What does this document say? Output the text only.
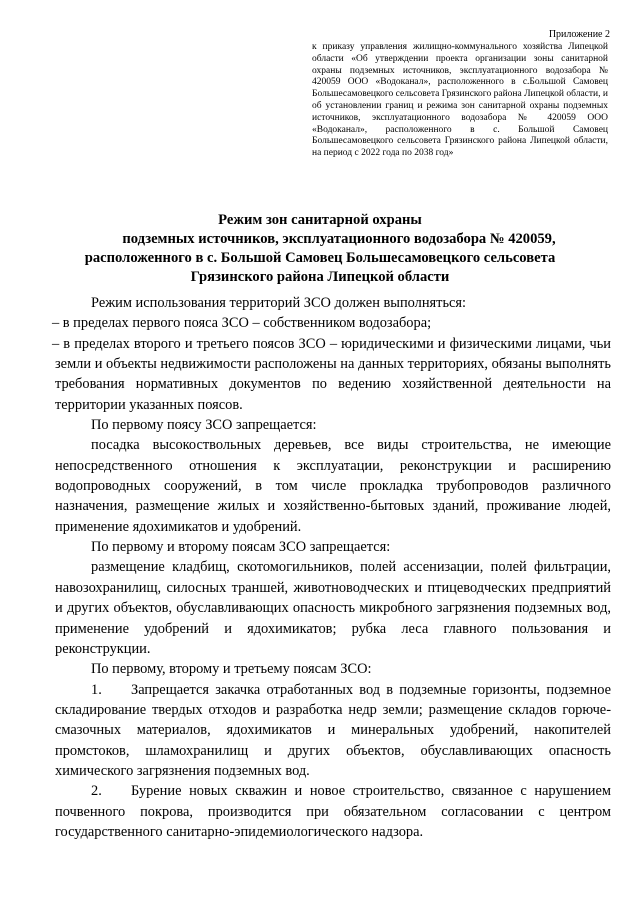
Приложение 2
к приказу управления жилищно-коммунального хозяйства Липецкой области «Об утверждении проекта организации зоны санитарной охраны подземных источников, эксплуатационного водозабора № 420059 ООО «Водоканал», расположенного в с.Большой Самовец Большесамовецкого сельсовета Грязинского района Липецкой области, и об установлении границ и режима зон санитарной охраны подземных источников, эксплуатационного водозабора № 420059 ООО «Водоканал», расположенного в с. Большой Самовец Большесамовецкого сельсовета Грязинского района Липецкой области, на период с 2022 года по 2038 год»
Режим зон санитарной охраны
подземных источников, эксплуатационного водозабора № 420059,
расположенного в с. Большой Самовец Большесамовецкого сельсовета
Грязинского района Липецкой области

Режим использования территорий ЗСО должен выполняться:

– в пределах первого пояса ЗСО – собственником водозабора;

– в пределах второго и третьего поясов ЗСО – юридическими и физическими лицами, чьи земли и объекты недвижимости расположены на данных территориях, обязаны выполнять требования нормативных документов по ведению хозяйственной деятельности на территории указанных поясов.

По первому поясу ЗСО запрещается:

посадка высокоствольных деревьев, все виды строительства, не имеющие непосредственного отношения к эксплуатации, реконструкции и расширению водопроводных сооружений, в том числе прокладка трубопроводов различного назначения, размещение жилых и хозяйственно-бытовых зданий, проживание людей, применение ядохимикатов и удобрений.

По первому и второму поясам ЗСО запрещается:

размещение кладбищ, скотомогильников, полей ассенизации, полей фильтрации, навозохранилищ, силосных траншей, животноводческих и птицеводческих предприятий и других объектов, обуславливающих опасность микробного загрязнения подземных вод, применение удобрений и ядохимикатов; рубка леса главного пользования и реконструкции.

По первому, второму и третьему поясам ЗСО:

1. Запрещается закачка отработанных вод в подземные горизонты, подземное складирование твердых отходов и разработка недр земли; размещение складов горюче-смазочных материалов, ядохимикатов и минеральных удобрений, накопителей промстоков, шламохранилищ и других объектов, обуславливающих опасность химического загрязнения подземных вод.

2. Бурение новых скважин и новое строительство, связанное с нарушением почвенного покрова, производится при обязательном согласовании с центром государственного санитарно-эпидемиологического надзора.
